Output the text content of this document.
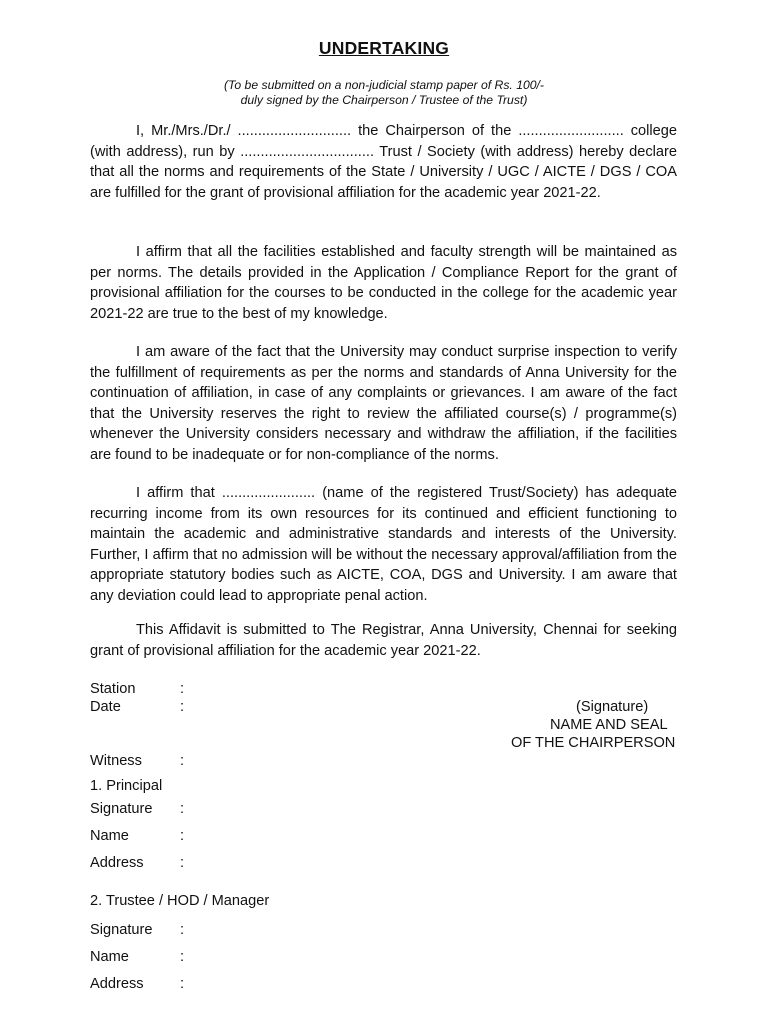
UNDERTAKING
(To be submitted on a non-judicial stamp paper of Rs. 100/-
duly signed by the Chairperson / Trustee of the Trust)

I, Mr./Mrs./Dr./ ............................ the Chairperson of the .......................... college (with address), run by ................................. Trust / Society (with address) hereby declare that all the norms and requirements of the State / University / UGC / AICTE / DGS / COA are fulfilled for the grant of provisional affiliation for the academic year 2021-22.

I affirm that all the facilities established and faculty strength will be maintained as per norms. The details provided in the Application / Compliance Report for the grant of provisional affiliation for the courses to be conducted in the college for the academic year 2021-22 are true to the best of my knowledge.

I am aware of the fact that the University may conduct surprise inspection to verify the fulfillment of requirements as per the norms and standards of Anna University for the continuation of affiliation, in case of any complaints or grievances. I am aware of the fact that the University reserves the right to review the affiliated course(s) / programme(s) whenever the University considers necessary and withdraw the affiliation, if the facilities are found to be inadequate or for non-compliance of the norms.

I affirm that ....................... (name of the registered Trust/Society) has adequate recurring income from its own resources for its continued and efficient functioning to maintain the academic and administrative standards and interests of the University. Further, I affirm that no admission will be without the necessary approval/affiliation from the appropriate statutory bodies such as AICTE, COA, DGS and University. I am aware that any deviation could lead to appropriate penal action.

This Affidavit is submitted to The Registrar, Anna University, Chennai for seeking grant of provisional affiliation for the academic year 2021-22.

Station	:
Date	:	(Signature)
NAME AND SEAL
OF THE CHAIRPERSON
Witness	:
1. Principal
Signature :
Name	:
Address :
2. Trustee / HOD / Manager
Signature :
Name	:
Address :
